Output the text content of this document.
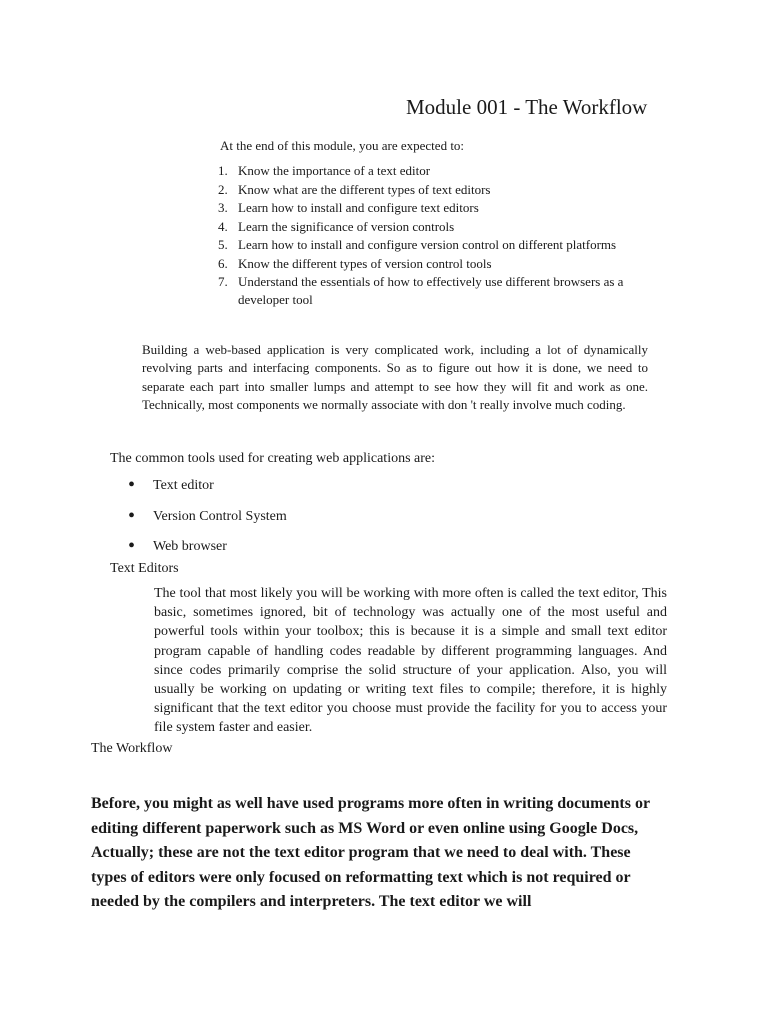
Module 001 - The Workflow
At the end of this module, you are expected to:
1. Know the importance of a text editor
2. Know what are the different types of text editors
3. Learn how to install and configure text editors
4. Learn the significance of version controls
5. Learn how to install and configure version control on different platforms
6. Know the different types of version control tools
7. Understand the essentials of how to effectively use different browsers as a developer tool

Building a web-based application is very complicated work, including a lot of dynamically revolving parts and interfacing components. So as to figure out how it is done, we need to separate each part into smaller lumps and attempt to see how they will fit and work as one. Technically, most components we normally associate with don 't really involve much coding.

The common tools used for creating web applications are:
• Text editor
• Version Control System
• Web browser
Text Editors

The tool that most likely you will be working with more often is called the text editor, This basic, sometimes ignored, bit of technology was actually one of the most useful and powerful tools within your toolbox; this is because it is a simple and small text editor program capable of handling codes readable by different programming languages. And since codes primarily comprise the solid structure of your application. Also, you will usually be working on updating or writing text files to compile; therefore, it is highly significant that the text editor you choose must provide the facility for you to access your file system faster and easier.

The Workflow

Before, you might as well have used programs more often in writing documents or editing different paperwork such as MS Word or even online using Google Docs, Actually; these are not the text editor program that we need to deal with. These types of editors were only focused on reformatting text which is not required or needed by the compilers and interpreters. The text editor we will
